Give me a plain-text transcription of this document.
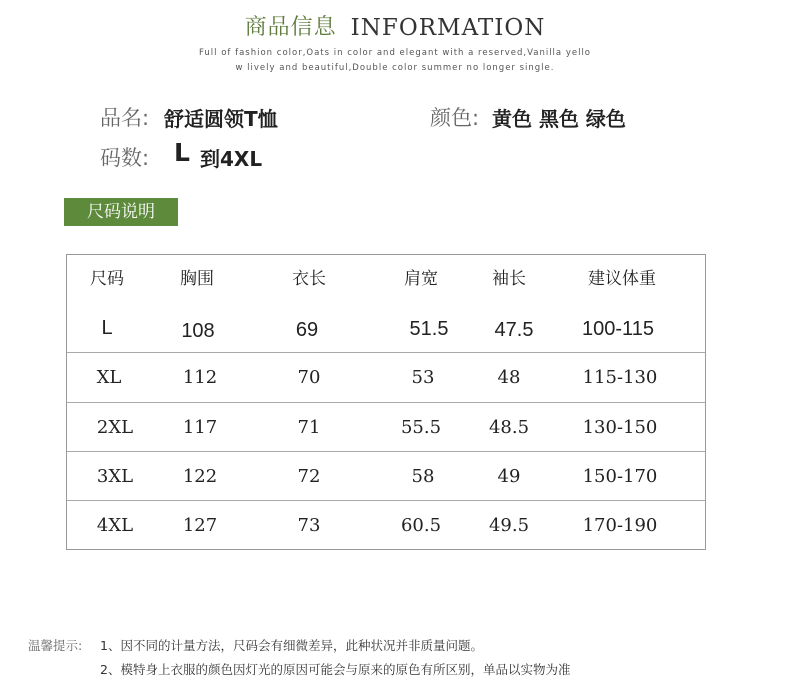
商品信息 INFORMATION
Full of fashion color,Oats in color and elegant with a reserved,Vanilla yello
w lively and beautiful,Double color summer no longer single.
品名: 舒适圆领T恤	颜色: 黄色 黑色 绿色
码数: L 到4XL
尺码说明
尺码	胸围	衣长	肩宽	袖长	建议体重
L	108	69	51.5	47.5	100-115
XL	112	70	53	48	115-130
2XL	117	71	55.5	48.5	130-150
3XL	122	72	58	49	150-170
4XL	127	73	60.5	49.5	170-190
温馨提示: 1、因不同的计量方法，尺码会有细微差异，此种状况并非质量问题。
2、模特身上衣服的颜色因灯光的原因可能会与原来的原色有所区别，单品以实物为准
